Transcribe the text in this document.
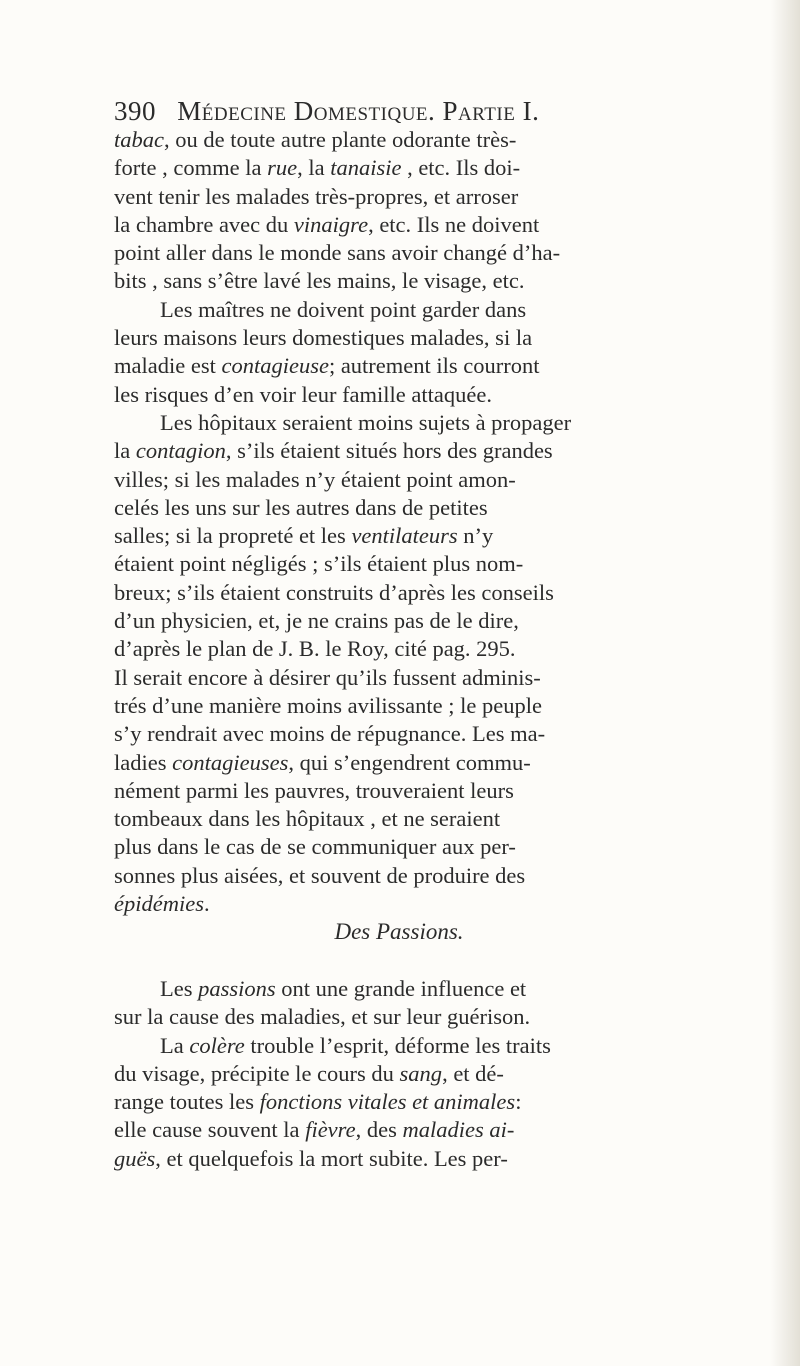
390 Médecine Domestique. Partie I.
tabac, ou de toute autre plante odorante très-
forte , comme la rue, la tanaisie , etc. Ils doi-
vent tenir les malades très-propres, et arroser
la chambre avec du vinaigre, etc. Ils ne doivent
point aller dans le monde sans avoir changé d’ha-
bits , sans s’être lavé les mains, le visage, etc.
Les maîtres ne doivent point garder dans
leurs maisons leurs domestiques malades, si la
maladie est contagieuse; autrement ils courront
les risques d’en voir leur famille attaquée.
Les hôpitaux seraient moins sujets à propager
la contagion, s’ils étaient situés hors des grandes
villes; si les malades n’y étaient point amon-
celés les uns sur les autres dans de petites
salles; si la propreté et les ventilateurs n’y
étaient point négligés ; s’ils étaient plus nom-
breux; s’ils étaient construits d’après les conseils
d’un physicien, et, je ne crains pas de le dire,
d’après le plan de J. B. le Roy, cité pag. 295.
Il serait encore à désirer qu’ils fussent adminis-
trés d’une manière moins avilissante ; le peuple
s’y rendrait avec moins de répugnance. Les ma-
ladies contagieuses, qui s’engendrent commu-
nément parmi les pauvres, trouveraient leurs
tombeaux dans les hôpitaux , et ne seraient
plus dans le cas de se communiquer aux per-
sonnes plus aisées, et souvent de produire des
épidémies.
Des Passions.
Les passions ont une grande influence et
sur la cause des maladies, et sur leur guérison.
La colère trouble l’esprit, déforme les traits
du visage, précipite le cours du sang, et dé-
range toutes les fonctions vitales et animales:
elle cause souvent la fièvre, des maladies ai-
guës, et quelquefois la mort subite. Les per-
